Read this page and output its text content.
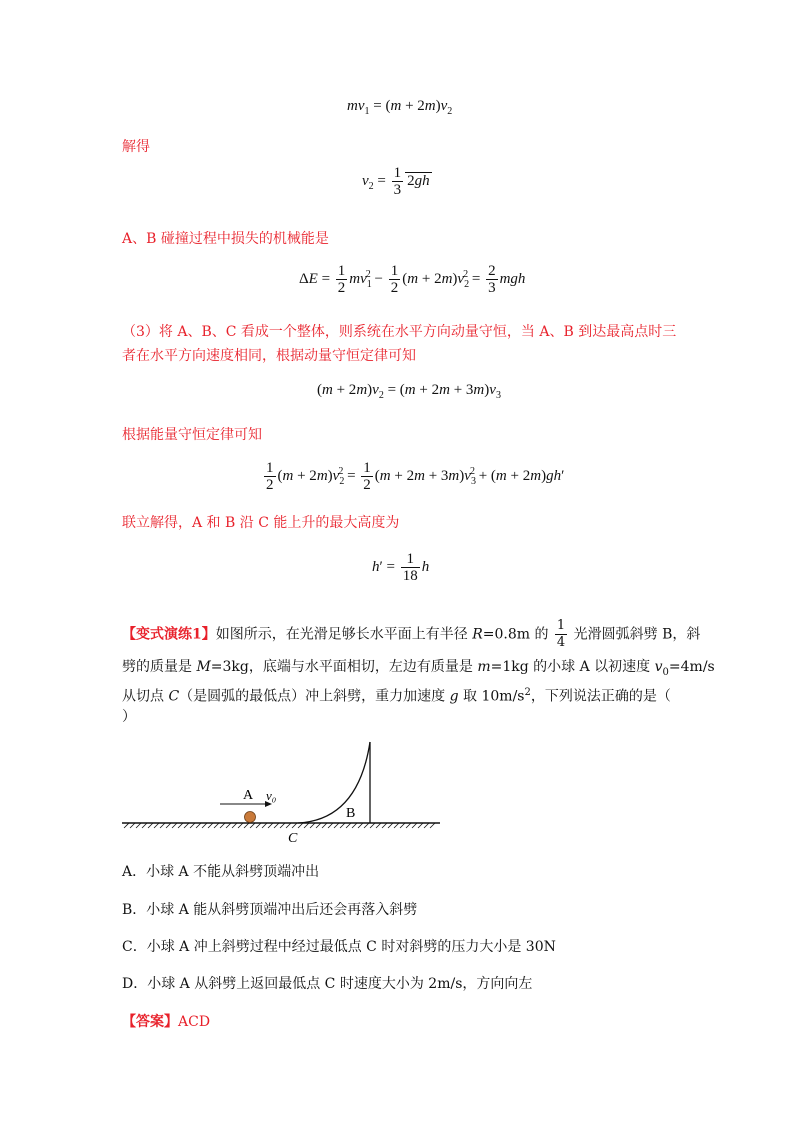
$mv_1 = (m + 2m)v_2$
解得
$v_2 = \frac{1}{3} 2gh$
A、B 碰撞过程中损失的机械能是
$\Delta E = \frac{1}{2} mv_1^2 - \frac{1}{2} (m + 2m)v_2^2 = \frac{2}{3}$ mgh
（3）将 A、B、C 看成一个整体，则系统在水平方向动量守恒，当 A、B 到达最高点时三
者在水平方向速度相同，根据动量守恒定律可知
$(m + 2m)v_2 = (m + 2m + 3m)v_3$
根据能量守恒定律可知
$\frac{1}{2} (m + 2m)v_2^2 = \frac{1}{2} (m + 2m + 3m)v_3^2 + (m + 2m)gh'$
联立解得，A 和 B 沿 C 能上升的最大高度为
$h' = \frac{1}{18}$ h
【变式演练1】如图所示，在光滑足够长水平面上有半径 R=0.8m 的 $\frac{1}{4}$ 光滑圆弧斜劈 B，斜
劈的质量是 M=3kg，底端与水平面相切，左边有质量是 m=1kg 的小球 A 以初速度 $v_0=4m/s$
从切点 C（是圆弧的最低点）冲上斜劈，重力加速度 g 取 $10m/s^2$，下列说法正确的是（
）
A v₀
B
C
A．小球 A 不能从斜劈顶端冲出
B．小球 A 能从斜劈顶端冲出后还会再落入斜劈
C．小球 A 冲上斜劈过程中经过最低点 C 时对斜劈的压力大小是 30N
D．小球 A 从斜劈上返回最低点 C 时速度大小为 2m/s，方向向左
【答案】ACD
